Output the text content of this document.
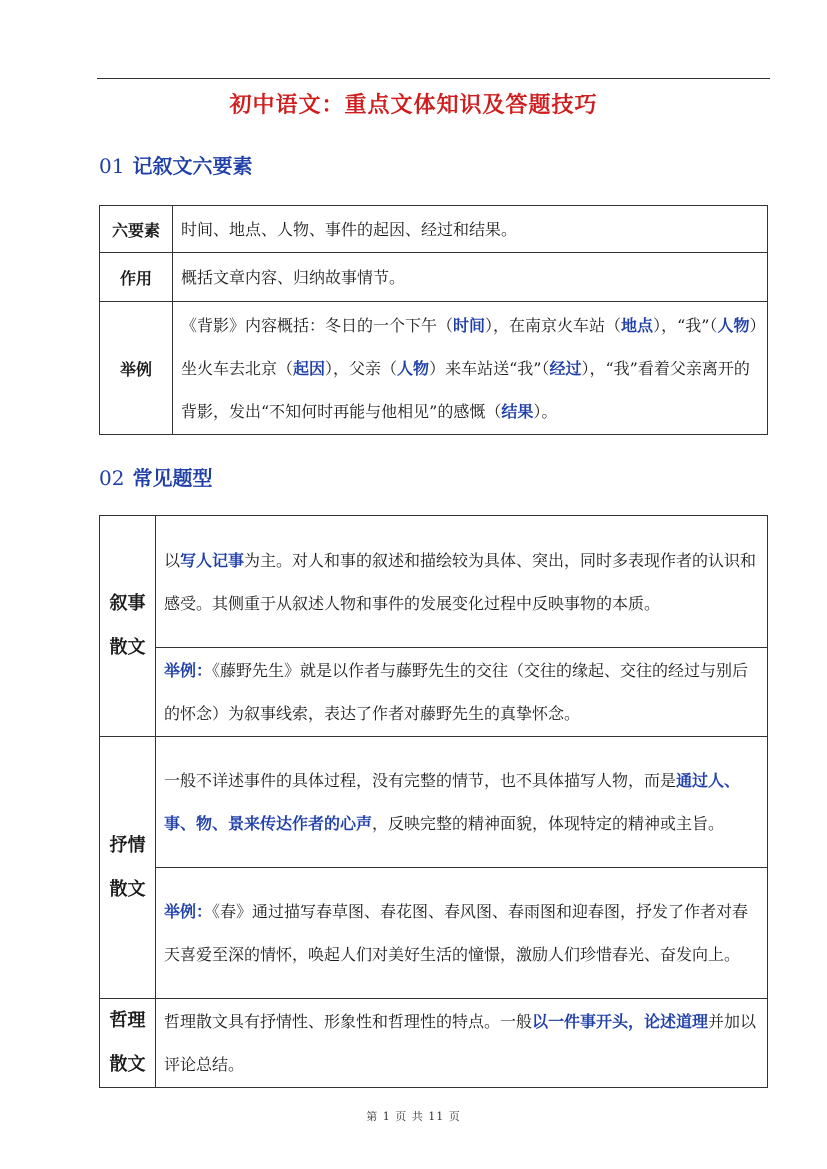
初中语文：重点文体知识及答题技巧
01 记叙文六要素
六要素	时间、地点、人物、事件的起因、经过和结果。
作用	概括文章内容、归纳故事情节。
举例	《背影》内容概括：冬日的一个下午（时间），在南京火车站（地点），“我”（人物）坐火车去北京（起因），父亲（人物）来车站送“我”（经过），“我”看着父亲离开的背影，发出“不知何时再能与他相见”的感慨（结果）。
02 常见题型
叙事
散文	以写人记事为主。对人和事的叙述和描绘较为具体、突出，同时多表现作者的认识和感受。其侧重于从叙述人物和事件的发展变化过程中反映事物的本质。
	举例：《藤野先生》就是以作者与藤野先生的交往（交往的缘起、交往的经过与别后的怀念）为叙事线索，表达了作者对藤野先生的真挚怀念。
抒情
散文	一般不详述事件的具体过程，没有完整的情节，也不具体描写人物，而是通过人、事、物、景来传达作者的心声，反映完整的精神面貌，体现特定的精神或主旨。
	举例：《春》通过描写春草图、春花图、春风图、春雨图和迎春图，抒发了作者对春天喜爱至深的情怀，唤起人们对美好生活的憧憬，激励人们珍惜春光、奋发向上。
哲理
散文	哲理散文具有抒情性、形象性和哲理性的特点。一般以一件事开头，论述道理并加以评论总结。
第 1 页 共 11 页
